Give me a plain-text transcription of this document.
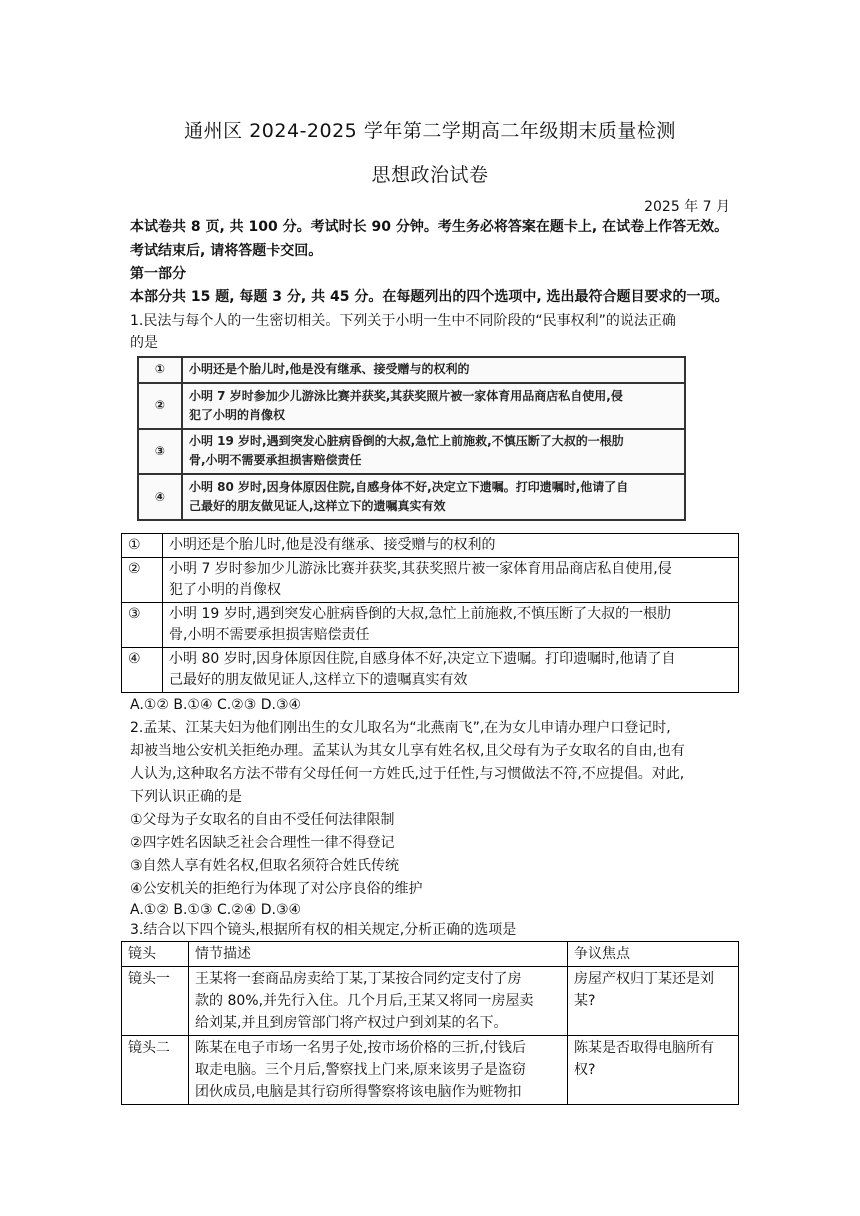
通州区 2024-2025 学年第二学期高二年级期末质量检测
思想政治试卷
2025 年 7 月
本试卷共 8 页, 共 100 分。考试时长 90 分钟。考生务必将答案在题卡上, 在试卷上作答无效。
考试结束后, 请将答题卡交回。
第一部分
本部分共 15 题, 每题 3 分, 共 45 分。在每题列出的四个选项中, 选出最符合题目要求的一项。
1.民法与每个人的一生密切相关。下列关于小明一生中不同阶段的“民事权利”的说法正确
的是
①	小明还是个胎儿时,他是没有继承、接受赠与的权利的
②	小明 7 岁时参加少儿游泳比赛并获奖,其获奖照片被一家体育用品商店私自使用,侵
犯了小明的肖像权
③	小明 19 岁时,遇到突发心脏病昏倒的大叔,急忙上前施救,不慎压断了大叔的一根肋
骨,小明不需要承担损害赔偿责任
④	小明 80 岁时,因身体原因住院,自感身体不好,决定立下遗嘱。打印遗嘱时,他请了自
己最好的朋友做见证人,这样立下的遗嘱真实有效
①	小明还是个胎儿时,他是没有继承、接受赠与的权利的
②	小明 7 岁时参加少儿游泳比赛并获奖,其获奖照片被一家体育用品商店私自使用,侵
犯了小明的肖像权
③	小明 19 岁时,遇到突发心脏病昏倒的大叔,急忙上前施救,不慎压断了大叔的一根肋
骨,小明不需要承担损害赔偿责任
④	小明 80 岁时,因身体原因住院,自感身体不好,决定立下遗嘱。打印遗嘱时,他请了自
己最好的朋友做见证人,这样立下的遗嘱真实有效
A.①② B.①④ C.②③ D.③④
2.孟某、江某夫妇为他们刚出生的女儿取名为“北燕南飞”,在为女儿申请办理户口登记时,
却被当地公安机关拒绝办理。孟某认为其女儿享有姓名权,且父母有为子女取名的自由,也有
人认为,这种取名方法不带有父母任何一方姓氏,过于任性,与习惯做法不符,不应提倡。对此,
下列认识正确的是
①父母为子女取名的自由不受任何法律限制
②四字姓名因缺乏社会合理性一律不得登记
③自然人享有姓名权,但取名须符合姓氏传统
④公安机关的拒绝行为体现了对公序良俗的维护
A.①② B.①③ C.②④ D.③④
3.结合以下四个镜头,根据所有权的相关规定,分析正确的选项是
镜头	情节描述	争议焦点
镜头一	王某将一套商品房卖给丁某,丁某按合同约定支付了房
款的 80%,并先行入住。几个月后,王某又将同一房屋卖
给刘某,并且到房管部门将产权过户到刘某的名下。	房屋产权归丁某还是刘
某?
镜头二	陈某在电子市场一名男子处,按市场价格的三折,付钱后
取走电脑。三个月后,警察找上门来,原来该男子是盗窃
团伙成员,电脑是其行窃所得警察将该电脑作为赃物扣	陈某是否取得电脑所有
权?
